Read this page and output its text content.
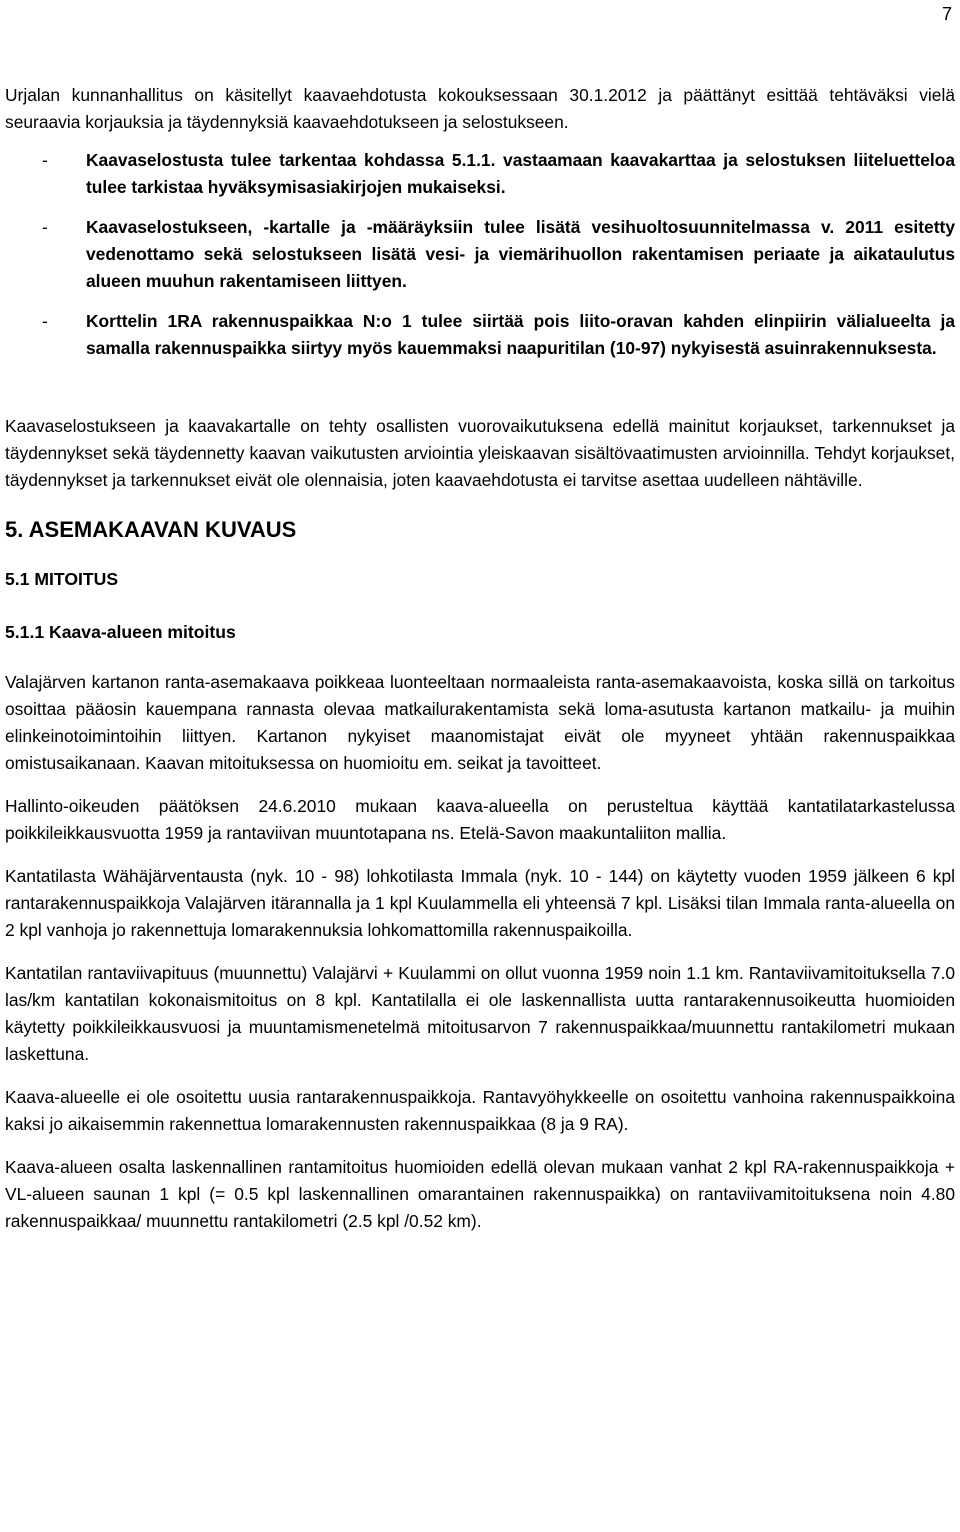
7

Urjalan kunnanhallitus on käsitellyt kaavaehdotusta kokouksessaan 30.1.2012 ja päättänyt esittää tehtäväksi vielä seuraavia korjauksia ja täydennyksiä kaavaehdotukseen ja selostukseen.

- Kaavaselostusta tulee tarkentaa kohdassa 5.1.1. vastaamaan kaavakarttaa ja selostuksen liiteluetteloa tulee tarkistaa hyväksymisasiakirjojen mukaiseksi.
- Kaavaselostukseen, -kartalle ja -määräyksiin tulee lisätä vesihuoltosuunnitelmassa v. 2011 esitetty vedenottamo sekä selostukseen lisätä vesi- ja viemärihuollon rakentamisen periaate ja aikataulutus alueen muuhun rakentamiseen liittyen.
- Korttelin 1RA rakennuspaikkaa N:o 1 tulee siirtää pois liito-oravan kahden elinpiirin välialueelta ja samalla rakennuspaikka siirtyy myös kauemmaksi naapuritilan (10-97) nykyisestä asuinrakennuksesta.

Kaavaselostukseen ja kaavakartalle on tehty osallisten vuorovaikutuksena edellä mainitut korjaukset, tarkennukset ja täydennykset sekä täydennetty kaavan vaikutusten arviointia yleiskaavan sisältövaatimusten arvioinnilla. Tehdyt korjaukset, täydennykset ja tarkennukset eivät ole olennaisia, joten kaavaehdotusta ei tarvitse asettaa uudelleen nähtäville.

5. ASEMAKAAVAN KUVAUS
5.1 MITOITUS
5.1.1 Kaava-alueen mitoitus

Valajärven kartanon ranta-asemakaava poikkeaa luonteeltaan normaaleista ranta-asemakaavoista, koska sillä on tarkoitus osoittaa pääosin kauempana rannasta olevaa matkailurakentamista sekä loma-asutusta kartanon matkailu- ja muihin elinkeinotoimintoihin liittyen. Kartanon nykyiset maanomistajat eivät ole myyneet yhtään rakennuspaikkaa omistusaikanaan. Kaavan mitoituksessa on huomioitu em. seikat ja tavoitteet.

Hallinto-oikeuden päätöksen 24.6.2010 mukaan kaava-alueella on perusteltua käyttää kantatilatarkastelussa poikkileikkausvuotta 1959 ja rantaviivan muuntotapana ns. Etelä-Savon maakuntaliiton mallia.

Kantatilasta Wähäjärventausta (nyk. 10 - 98) lohkotilasta Immala (nyk. 10 - 144) on käytetty vuoden 1959 jälkeen 6 kpl rantarakennuspaikkoja Valajärven itärannalla ja 1 kpl Kuulammella eli yhteensä 7 kpl. Lisäksi tilan Immala ranta-alueella on 2 kpl vanhoja jo rakennettuja lomarakennuksia lohkomattomilla rakennuspaikoilla.

Kantatilan rantaviivapituus (muunnettu) Valajärvi + Kuulammi on ollut vuonna 1959 noin 1.1 km. Rantaviivamitoituksella 7.0 las/km kantatilan kokonaismitoitus on 8 kpl. Kantatilalla ei ole laskennallista uutta rantarakennusoikeutta huomioiden käytetty poikkileikkausvuosi ja muuntamismenetelmä mitoitusarvon 7 rakennuspaikkaa/muunnettu rantakilometri mukaan laskettuna.

Kaava-alueelle ei ole osoitettu uusia rantarakennuspaikkoja. Rantavyöhykkeelle on osoitettu vanhoina rakennuspaikkoina kaksi jo aikaisemmin rakennettua lomarakennusten rakennuspaikkaa (8 ja 9 RA).

Kaava-alueen osalta laskennallinen rantamitoitus huomioiden edellä olevan mukaan vanhat 2 kpl RA-rakennuspaikkoja + VL-alueen saunan 1 kpl (= 0.5 kpl laskennallinen omarantainen rakennuspaikka) on rantaviivamitoituksena noin 4.80 rakennuspaikkaa/ muunnettu rantakilometri (2.5 kpl /0.52 km).
